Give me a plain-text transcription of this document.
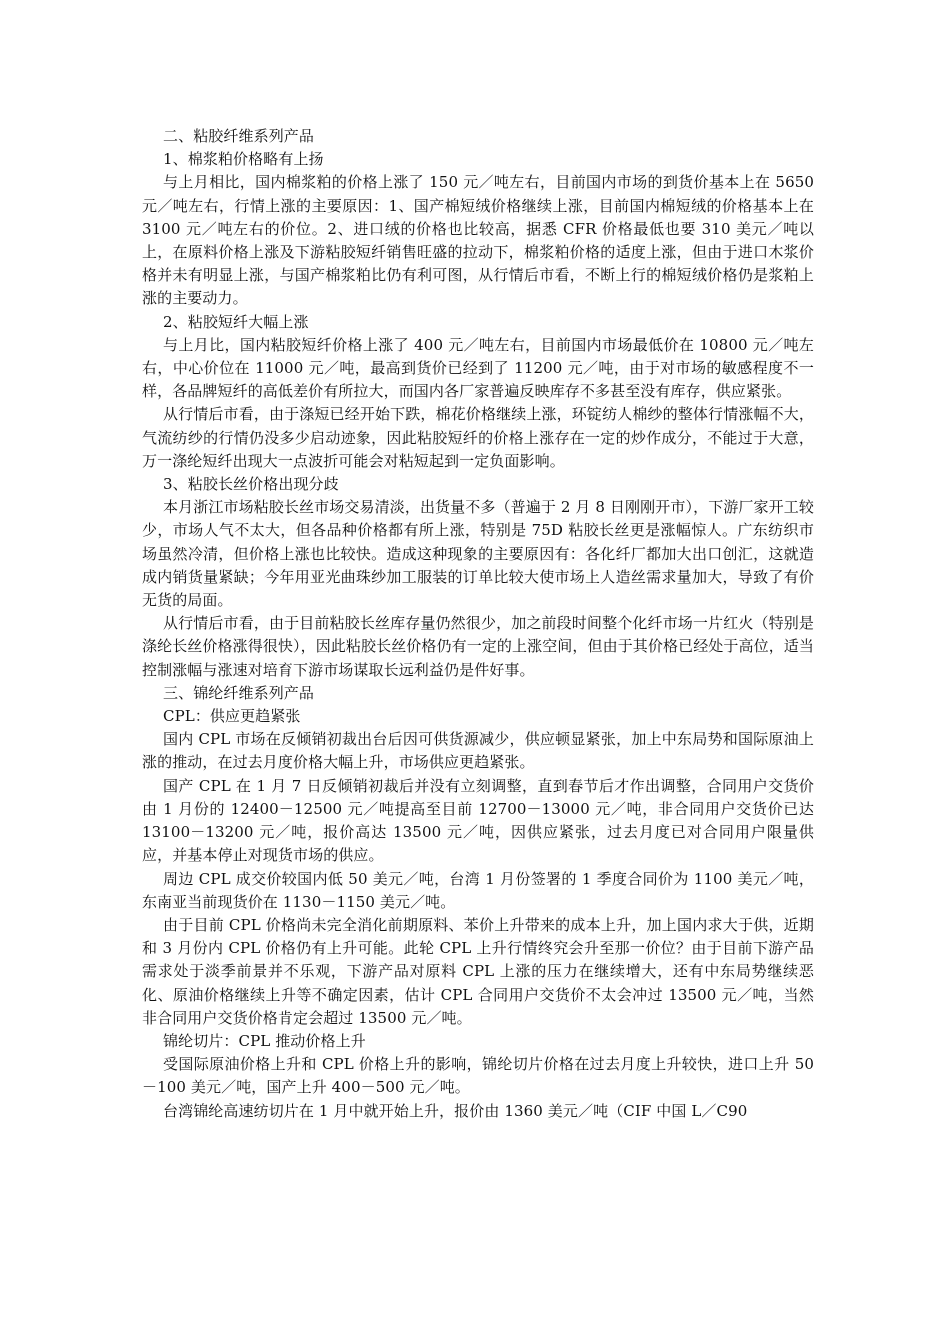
二、粘胶纤维系列产品

1、棉浆粕价格略有上扬

与上月相比，国内棉浆粕的价格上涨了 150 元／吨左右，目前国内市场的到货价基本上在 5650 元／吨左右，行情上涨的主要原因：1、国产棉短绒价格继续上涨，目前国内棉短绒的价格基本上在 3100 元／吨左右的价位。2、进口绒的价格也比较高，据悉 CFR 价格最低也要 310 美元／吨以上，在原料价格上涨及下游粘胶短纤销售旺盛的拉动下，棉浆粕价格的适度上涨，但由于进口木浆价格并未有明显上涨，与国产棉浆粕比仍有利可图，从行情后市看，不断上行的棉短绒价格仍是浆粕上涨的主要动力。

2、粘胶短纤大幅上涨

与上月比，国内粘胶短纤价格上涨了 400 元／吨左右，目前国内市场最低价在 10800 元／吨左右，中心价位在 11000 元／吨，最高到货价已经到了 11200 元／吨，由于对市场的敏感程度不一样，各品牌短纤的高低差价有所拉大，而国内各厂家普遍反映库存不多甚至没有库存，供应紧张。

从行情后市看，由于涤短已经开始下跌，棉花价格继续上涨，环锭纺人棉纱的整体行情涨幅不大，气流纺纱的行情仍没多少启动迹象，因此粘胶短纤的价格上涨存在一定的炒作成分，不能过于大意，万一涤纶短纤出现大一点波折可能会对粘短起到一定负面影响。

3、粘胶长丝价格出现分歧

本月浙江市场粘胶长丝市场交易清淡，出货量不多（普遍于 2 月 8 日刚刚开市），下游厂家开工较少，市场人气不太大，但各品种价格都有所上涨，特别是 75D 粘胶长丝更是涨幅惊人。广东纺织市场虽然冷清，但价格上涨也比较快。造成这种现象的主要原因有：各化纤厂都加大出口创汇，这就造成内销货量紧缺；今年用亚光曲珠纱加工服装的订单比较大使市场上人造丝需求量加大，导致了有价无货的局面。

从行情后市看，由于目前粘胶长丝库存量仍然很少，加之前段时间整个化纤市场一片红火（特别是涤纶长丝价格涨得很快），因此粘胶长丝价格仍有一定的上涨空间，但由于其价格已经处于高位，适当控制涨幅与涨速对培育下游市场谋取长远利益仍是件好事。

三、锦纶纤维系列产品

CPL：供应更趋紧张

国内 CPL 市场在反倾销初裁出台后因可供货源减少，供应顿显紧张，加上中东局势和国际原油上涨的推动，在过去月度价格大幅上升，市场供应更趋紧张。

国产 CPL 在 1 月 7 日反倾销初裁后并没有立刻调整，直到春节后才作出调整，合同用户交货价由 1 月份的 12400－12500 元／吨提高至目前 12700－13000 元／吨，非合同用户交货价已达 13100－13200 元／吨，报价高达 13500 元／吨，因供应紧张，过去月度已对合同用户限量供应，并基本停止对现货市场的供应。

周边 CPL 成交价较国内低 50 美元／吨，台湾 1 月份签署的 1 季度合同价为 1100 美元／吨，东南亚当前现货价在 1130－1150 美元／吨。

由于目前 CPL 价格尚未完全消化前期原料、苯价上升带来的成本上升，加上国内求大于供，近期和 3 月份内 CPL 价格仍有上升可能。此轮 CPL 上升行情终究会升至那一价位？由于目前下游产品需求处于淡季前景并不乐观，下游产品对原料 CPL 上涨的压力在继续增大，还有中东局势继续恶化、原油价格继续上升等不确定因素，估计 CPL 合同用户交货价不太会冲过 13500 元／吨，当然非合同用户交货价格肯定会超过 13500 元／吨。

锦纶切片：CPL 推动价格上升

受国际原油价格上升和 CPL 价格上升的影响，锦纶切片价格在过去月度上升较快，进口上升 50－100 美元／吨，国产上升 400－500 元／吨。

台湾锦纶高速纺切片在 1 月中就开始上升，报价由 1360 美元／吨（CIF 中国 L／C90
